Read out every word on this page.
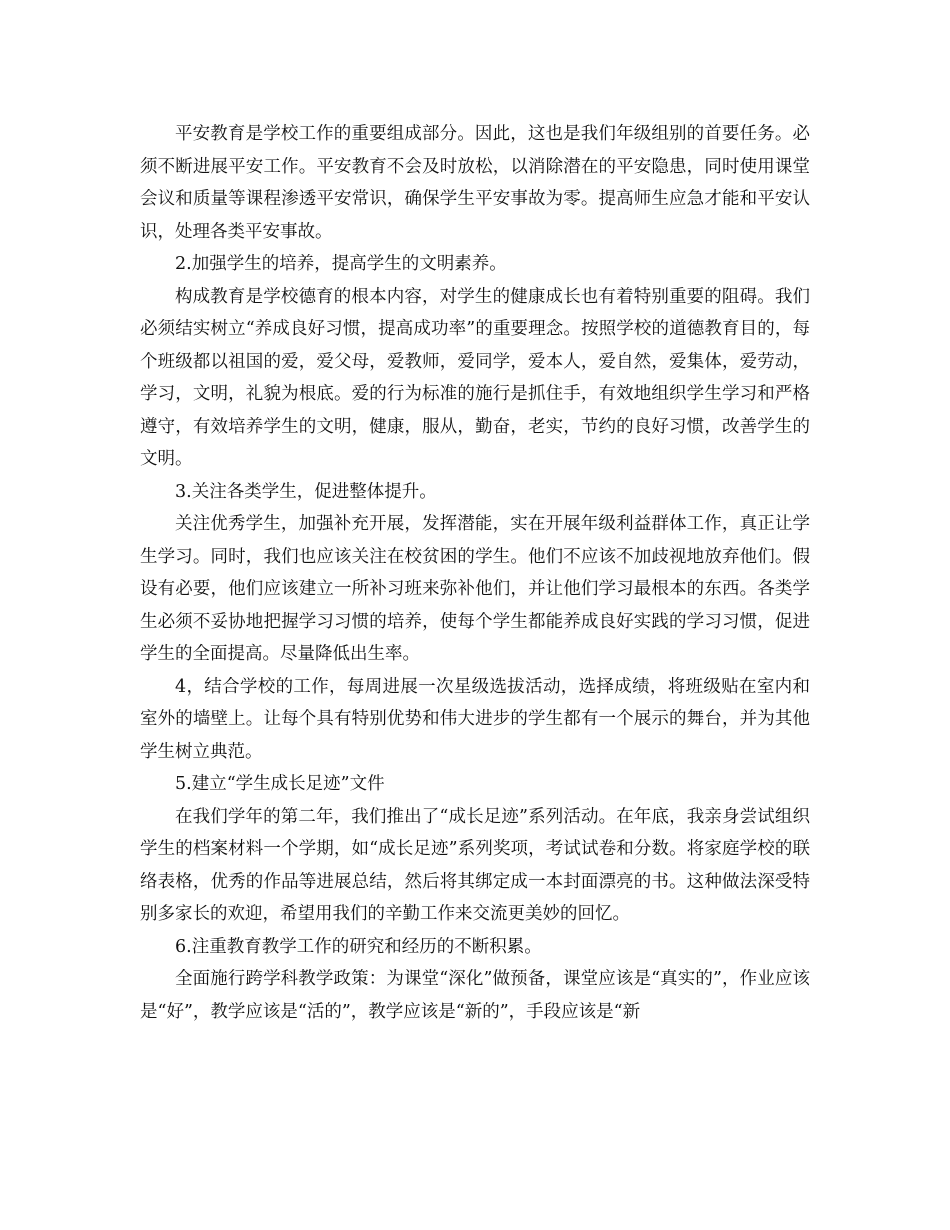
平安教育是学校工作的重要组成部分。因此，这也是我们年级组别的首要任务。必须不断进展平安工作。平安教育不会及时放松，以消除潜在的平安隐患，同时使用课堂会议和质量等课程渗透平安常识，确保学生平安事故为零。提高师生应急才能和平安认识，处理各类平安事故。

2.加强学生的培养，提高学生的文明素养。

构成教育是学校德育的根本内容，对学生的健康成长也有着特别重要的阻碍。我们必须结实树立“养成良好习惯，提高成功率”的重要理念。按照学校的道德教育目的，每个班级都以祖国的爱，爱父母，爱教师，爱同学，爱本人，爱自然，爱集体，爱劳动，学习，文明，礼貌为根底。爱的行为标准的施行是抓住手，有效地组织学生学习和严格遵守，有效培养学生的文明，健康，服从，勤奋，老实，节约的良好习惯，改善学生的文明。

3.关注各类学生，促进整体提升。

关注优秀学生，加强补充开展，发挥潜能，实在开展年级利益群体工作，真正让学生学习。同时，我们也应该关注在校贫困的学生。他们不应该不加歧视地放弃他们。假设有必要，他们应该建立一所补习班来弥补他们，并让他们学习最根本的东西。各类学生必须不妥协地把握学习习惯的培养，使每个学生都能养成良好实践的学习习惯，促进学生的全面提高。尽量降低出生率。

4，结合学校的工作，每周进展一次星级选拔活动，选择成绩，将班级贴在室内和室外的墙壁上。让每个具有特别优势和伟大进步的学生都有一个展示的舞台，并为其他学生树立典范。

5.建立“学生成长足迹”文件

在我们学年的第二年，我们推出了“成长足迹”系列活动。在年底，我亲身尝试组织学生的档案材料一个学期，如“成长足迹”系列奖项，考试试卷和分数。将家庭学校的联络表格，优秀的作品等进展总结，然后将其绑定成一本封面漂亮的书。这种做法深受特别多家长的欢迎，希望用我们的辛勤工作来交流更美妙的回忆。

6.注重教育教学工作的研究和经历的不断积累。

全面施行跨学科教学政策：为课堂“深化”做预备，课堂应该是“真实的”，作业应该是“好”，教学应该是“活的”，教学应该是“新的”，手段应该是“新
